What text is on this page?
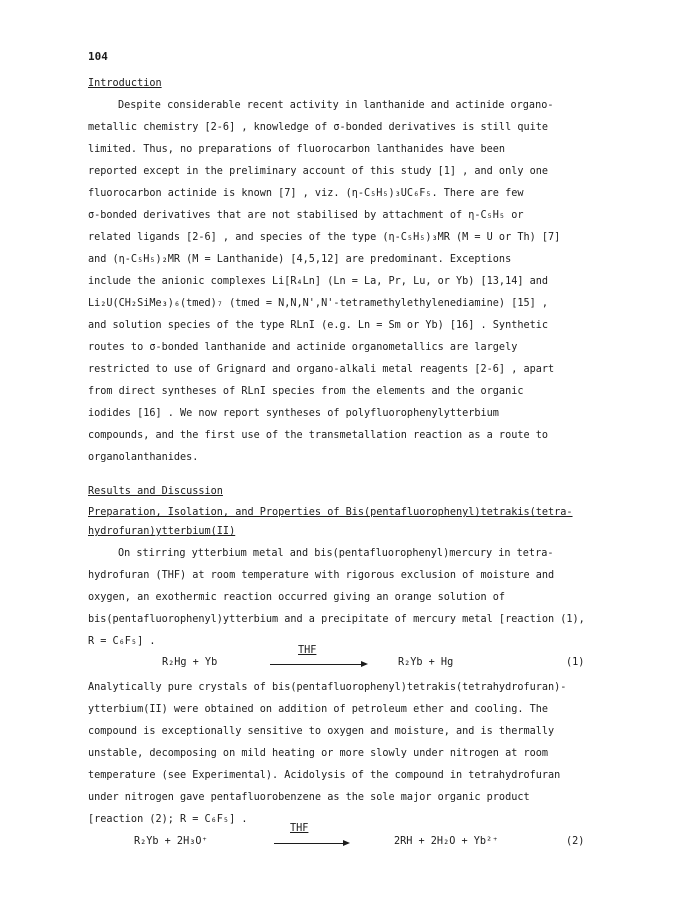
104
Introduction
Despite considerable recent activity in lanthanide and actinide organo-
metallic chemistry [2-6] , knowledge of σ-bonded derivatives is still quite
limited. Thus, no preparations of fluorocarbon lanthanides have been
reported except in the preliminary account of this study [1] , and only one
fluorocarbon actinide is known [7] , viz. (η-C₅H₅)₃UC₆F₅. There are few
σ-bonded derivatives that are not stabilised by attachment of η-C₅H₅ or
related ligands [2-6] , and species of the type (η-C₅H₅)₃MR (M = U or Th) [7]
and (η-C₅H₅)₂MR (M = Lanthanide) [4,5,12] are predominant. Exceptions
include the anionic complexes Li[R₄Ln] (Ln = La, Pr, Lu, or Yb) [13,14] and
Li₂U(CH₂SiMe₃)₆(tmed)₇ (tmed = N,N,N',N'-tetramethylethylenediamine) [15] ,
and solution species of the type RLnI (e.g. Ln = Sm or Yb) [16] . Synthetic
routes to σ-bonded lanthanide and actinide organometallics are largely
restricted to use of Grignard and organo-alkali metal reagents [2-6] , apart
from direct syntheses of RLnI species from the elements and the organic
iodides [16] . We now report syntheses of polyfluorophenylytterbium
compounds, and the first use of the transmetallation reaction as a route to
organolanthanides.
Results and Discussion
Preparation, Isolation, and Properties of Bis(pentafluorophenyl)tetrakis(tetra-
hydrofuran)ytterbium(II)
On stirring ytterbium metal and bis(pentafluorophenyl)mercury in tetra-
hydrofuran (THF) at room temperature with rigorous exclusion of moisture and
oxygen, an exothermic reaction occurred giving an orange solution of
bis(pentafluorophenyl)ytterbium and a precipitate of mercury metal [reaction (1),
R = C₆F₅] .
R₂Hg + Yb
THF
R₂Yb + Hg	(1)
Analytically pure crystals of bis(pentafluorophenyl)tetrakis(tetrahydrofuran)-
ytterbium(II) were obtained on addition of petroleum ether and cooling. The
compound is exceptionally sensitive to oxygen and moisture, and is thermally
unstable, decomposing on mild heating or more slowly under nitrogen at room
temperature (see Experimental). Acidolysis of the compound in tetrahydrofuran
under nitrogen gave pentafluorobenzene as the sole major organic product
[reaction (2); R = C₆F₅] .
R₂Yb + 2H₃O⁺
THF
2RH + 2H₂O + Yb²⁺	(2)
